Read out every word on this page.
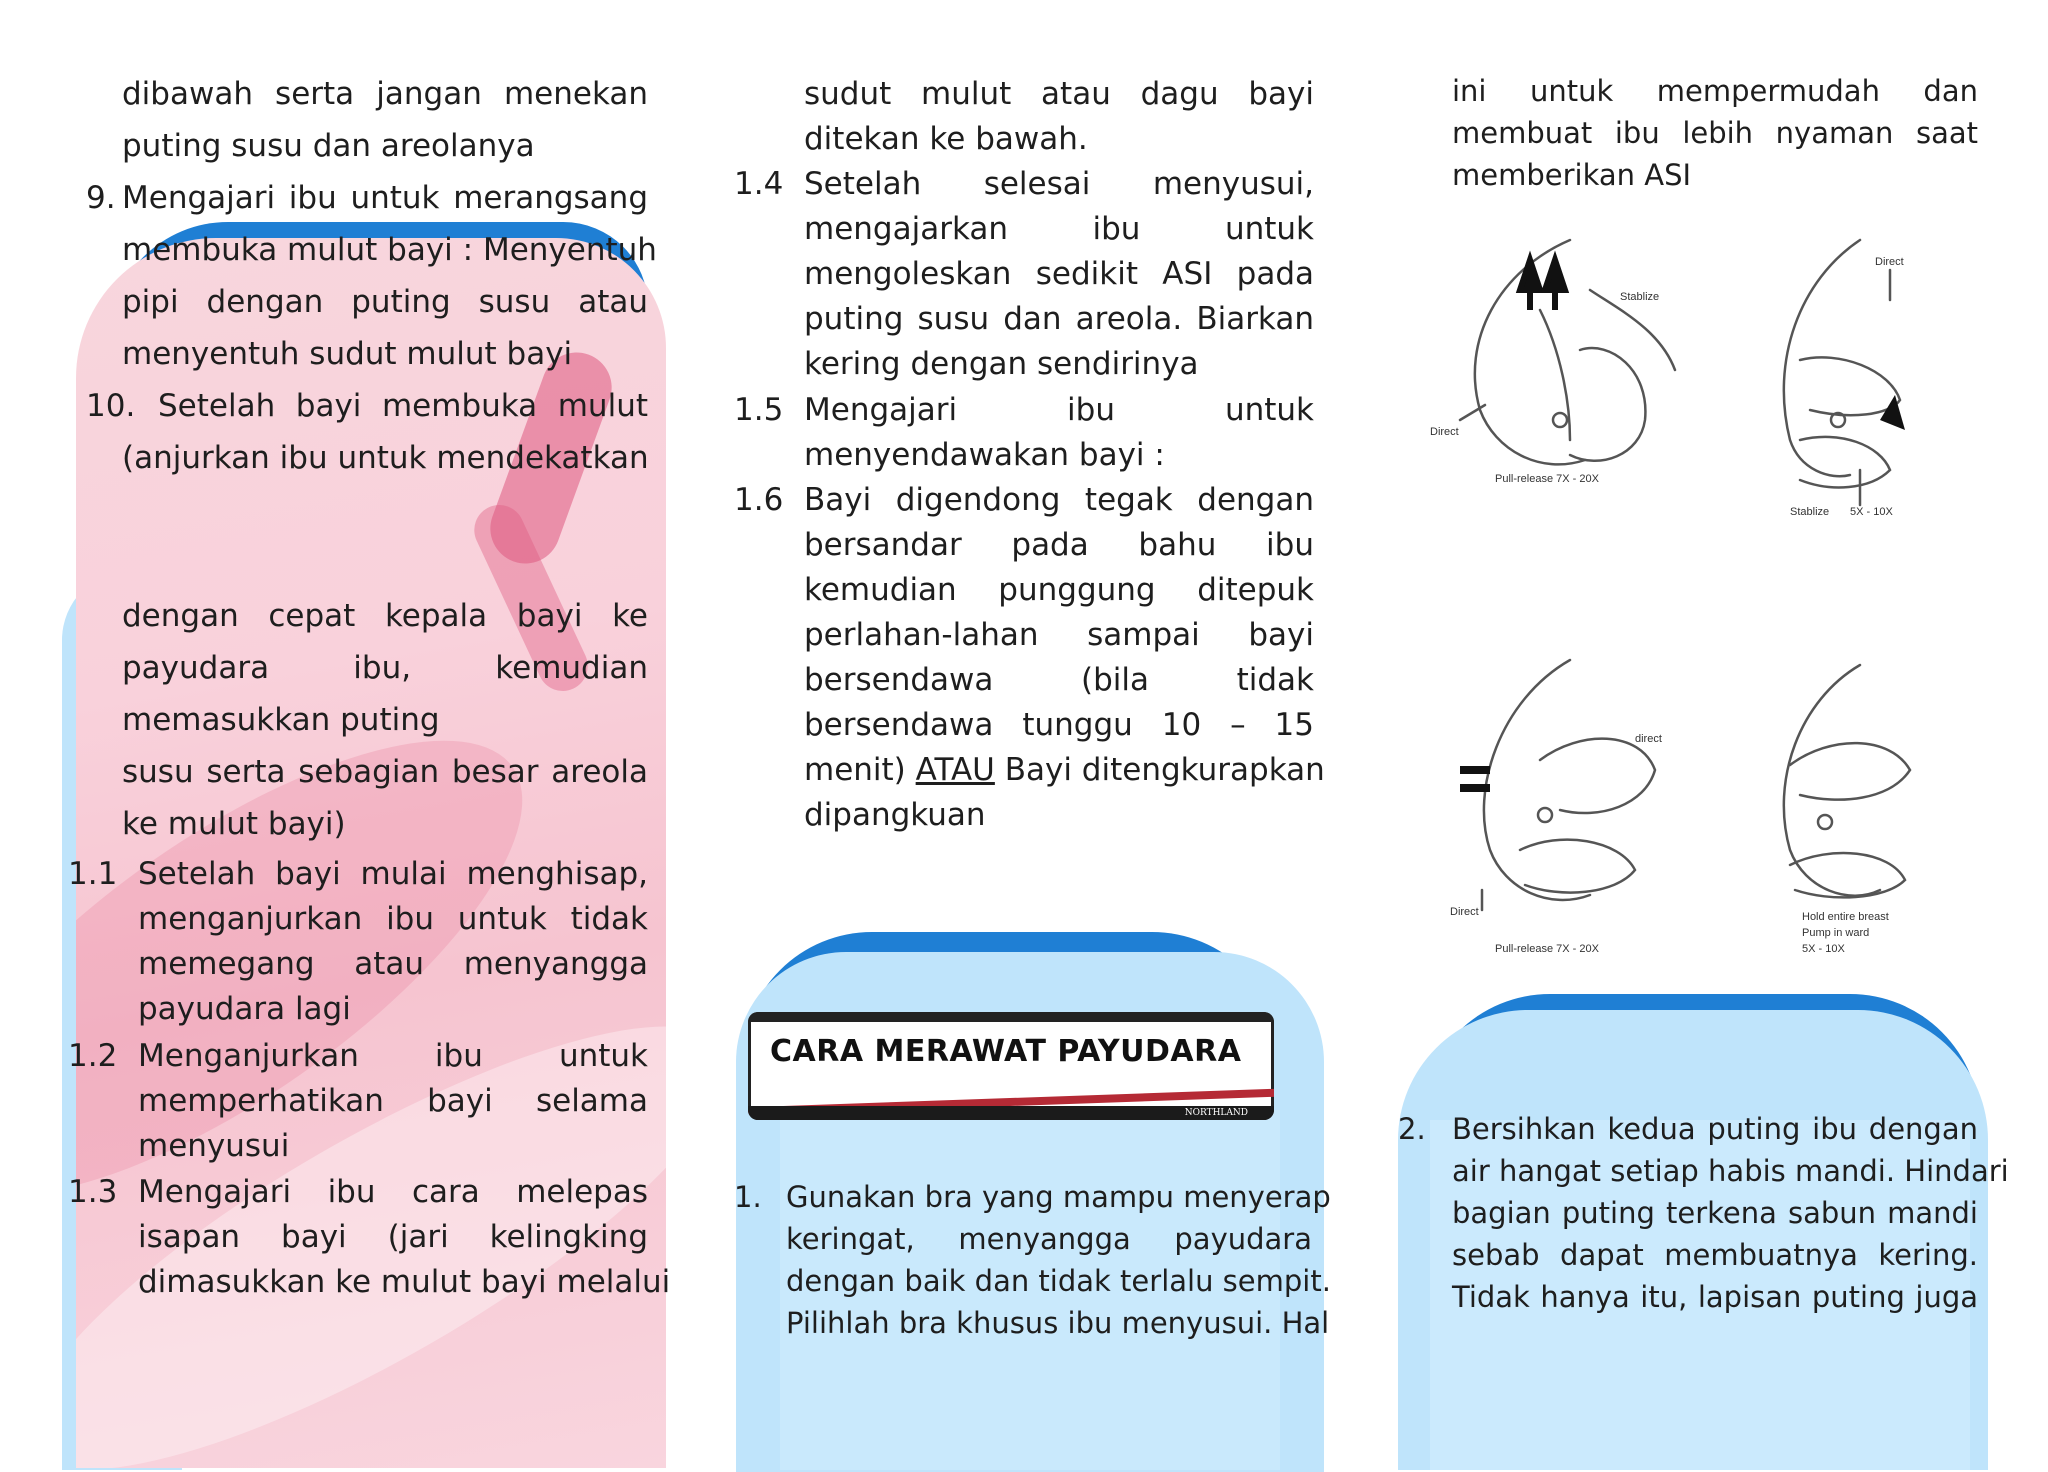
dibawah serta jangan menekan
puting susu dan areolanya
9. Mengajari ibu untuk merangsang
membuka mulut bayi : Menyentuh
pipi dengan puting susu atau
menyentuh sudut mulut bayi
10. Setelah bayi membuka mulut
(anjurkan ibu untuk mendekatkan
dengan cepat kepala bayi ke
payudara ibu, kemudian
memasukkan puting
susu serta sebagian besar areola
ke mulut bayi)
1.1 Setelah bayi mulai menghisap,
menganjurkan ibu untuk tidak
memegang atau menyangga
payudara lagi
1.2 Menganjurkan ibu untuk
memperhatikan bayi selama
menyusui
1.3 Mengajari ibu cara melepas
isapan bayi (jari kelingking
dimasukkan ke mulut bayi melalui
sudut mulut atau dagu bayi
ditekan ke bawah.
1.4 Setelah selesai menyusui,
mengajarkan ibu untuk
mengoleskan sedikit ASI pada
puting susu dan areola. Biarkan
kering dengan sendirinya
1.5 Mengajari ibu untuk
menyendawakan bayi :
1.6 Bayi digendong tegak dengan
bersandar pada bahu ibu
kemudian punggung ditepuk
perlahan-lahan sampai bayi
bersendawa (bila tidak
bersendawa tunggu 10 – 15
menit) ATAU Bayi ditengkurapkan
dipangkuan
CARA MERAWAT PAYUDARA
NORTHLAND
1. Gunakan bra yang mampu menyerap
keringat, menyangga payudara
dengan baik dan tidak terlalu sempit.
Pilihlah bra khusus ibu menyusui. Hal
ini untuk mempermudah dan
membuat ibu lebih nyaman saat
memberikan ASI
Stablize
Direct
Pull-release 7X - 20X
Direct
Stablize 5X - 10X
direct
Direct
Pull-release 7X - 20X
Hold entire breast
Pump in ward
5X - 10X
2. Bersihkan kedua puting ibu dengan
air hangat setiap habis mandi. Hindari
bagian puting terkena sabun mandi
sebab dapat membuatnya kering.
Tidak hanya itu, lapisan puting juga
